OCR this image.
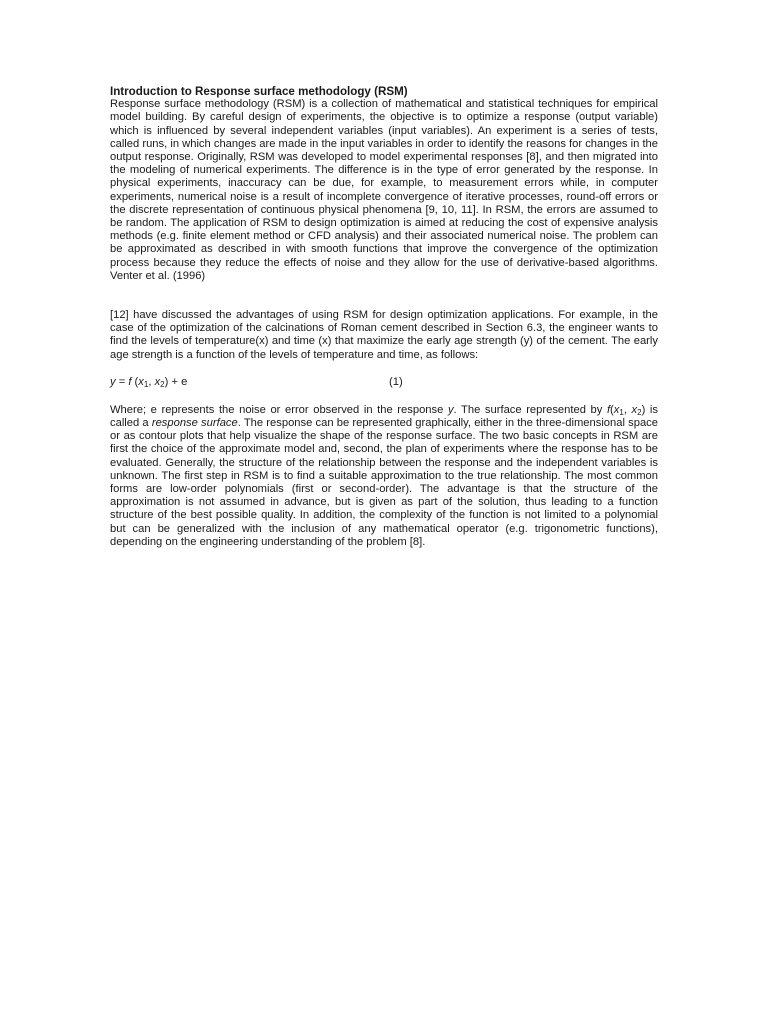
Introduction to Response surface methodology (RSM)

Response surface methodology (RSM) is a collection of mathematical and statistical techniques for empirical model building. By careful design of experiments, the objective is to optimize a response (output variable) which is influenced by several independent variables (input variables). An experiment is a series of tests, called runs, in which changes are made in the input variables in order to identify the reasons for changes in the output response. Originally, RSM was developed to model experimental responses [8], and then migrated into the modeling of numerical experiments. The difference is in the type of error generated by the response. In physical experiments, inaccuracy can be due, for example, to measurement errors while, in computer experiments, numerical noise is a result of incomplete convergence of iterative processes, round-off errors or the discrete representation of continuous physical phenomena [9, 10, 11]. In RSM, the errors are assumed to be random. The application of RSM to design optimization is aimed at reducing the cost of expensive analysis methods (e.g. finite element method or CFD analysis) and their associated numerical noise. The problem can be approximated as described in with smooth functions that improve the convergence of the optimization process because they reduce the effects of noise and they allow for the use of derivative-based algorithms. Venter et al. (1996)

[12] have discussed the advantages of using RSM for design optimization applications. For example, in the case of the optimization of the calcinations of Roman cement described in Section 6.3, the engineer wants to find the levels of temperature(x) and time (x) that maximize the early age strength (y) of the cement. The early age strength is a function of the levels of temperature and time, as follows:

y = f ($x_1$, $x_2) + e$	(1)

Where; e represents the noise or error observed in the response y. The surface represented by $f(x_1$, $x_2$) is called a response surface. The response can be represented graphically, either in the three-dimensional space or as contour plots that help visualize the shape of the response surface. The two basic concepts in RSM are first the choice of the approximate model and, second, the plan of experiments where the response has to be evaluated. Generally, the structure of the relationship between the response and the independent variables is unknown. The first step in RSM is to find a suitable approximation to the true relationship. The most common forms are low-order polynomials (first or second-order). The advantage is that the structure of the approximation is not assumed in advance, but is given as part of the solution, thus leading to a function structure of the best possible quality. In addition, the complexity of the function is not limited to a polynomial but can be generalized with the inclusion of any mathematical operator (e.g. trigonometric functions), depending on the engineering understanding of the problem [8].
